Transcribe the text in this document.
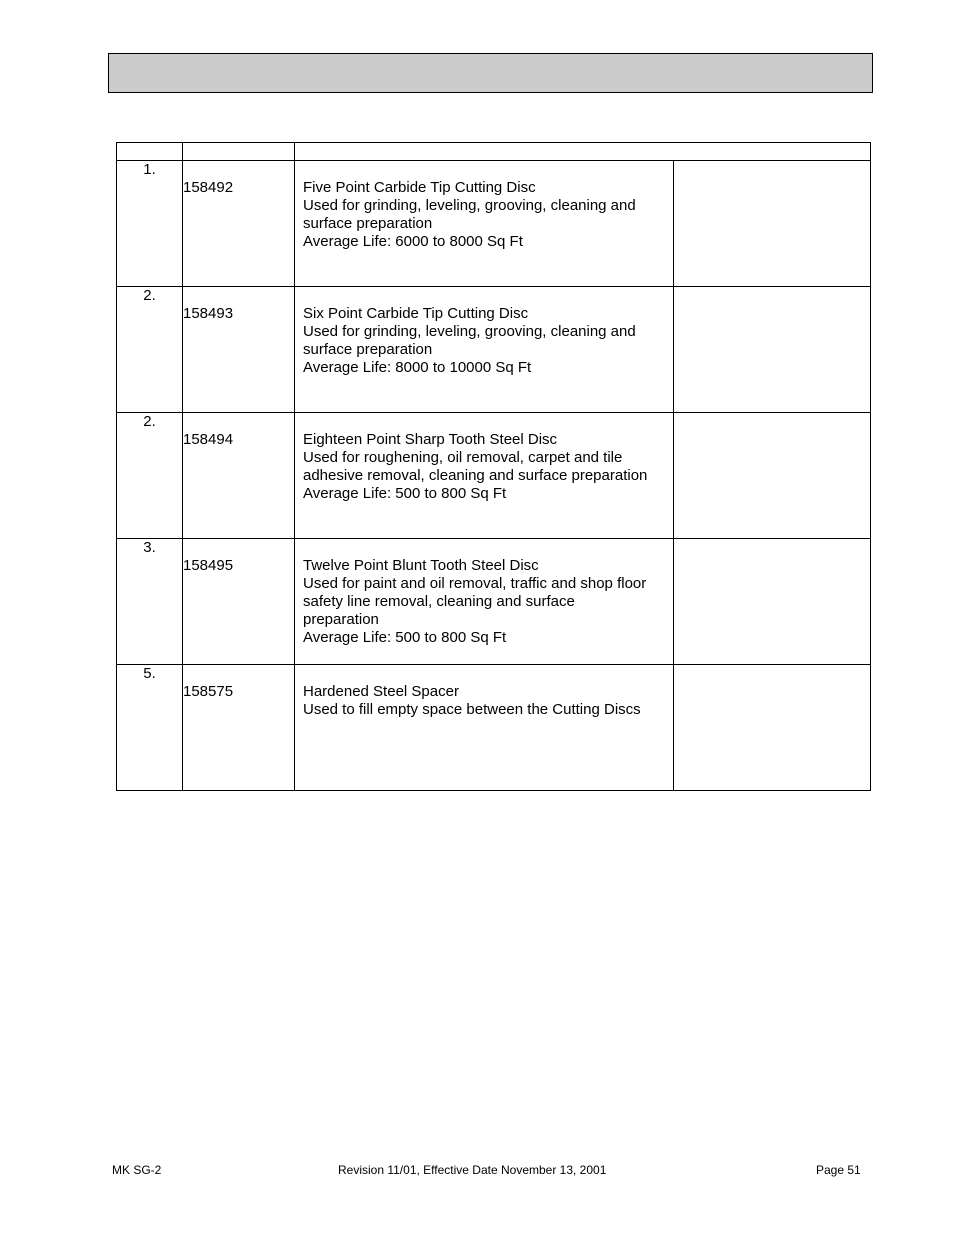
1.	158492	Five Point Carbide Tip Cutting Disc
Used for grinding, leveling, grooving, cleaning and
surface preparation
Average Life: 6000 to 8000 Sq Ft	

2.	158493	Six Point Carbide Tip Cutting Disc
Used for grinding, leveling, grooving, cleaning and
surface preparation
Average Life: 8000 to 10000 Sq Ft	

2.	158494	Eighteen Point Sharp Tooth Steel Disc
Used for roughening, oil removal, carpet and tile
adhesive removal, cleaning and surface preparation
Average Life: 500 to 800 Sq Ft	

3.	158495	Twelve Point Blunt Tooth Steel Disc
Used for paint and oil removal, traffic and shop floor
safety line removal, cleaning and surface
preparation
Average Life: 500 to 800 Sq Ft	

5.	158575	Hardened Steel Spacer
Used to fill empty space between the Cutting Discs	

MK SG-2	Revision 11/01, Effective Date November 13, 2001	Page 51
